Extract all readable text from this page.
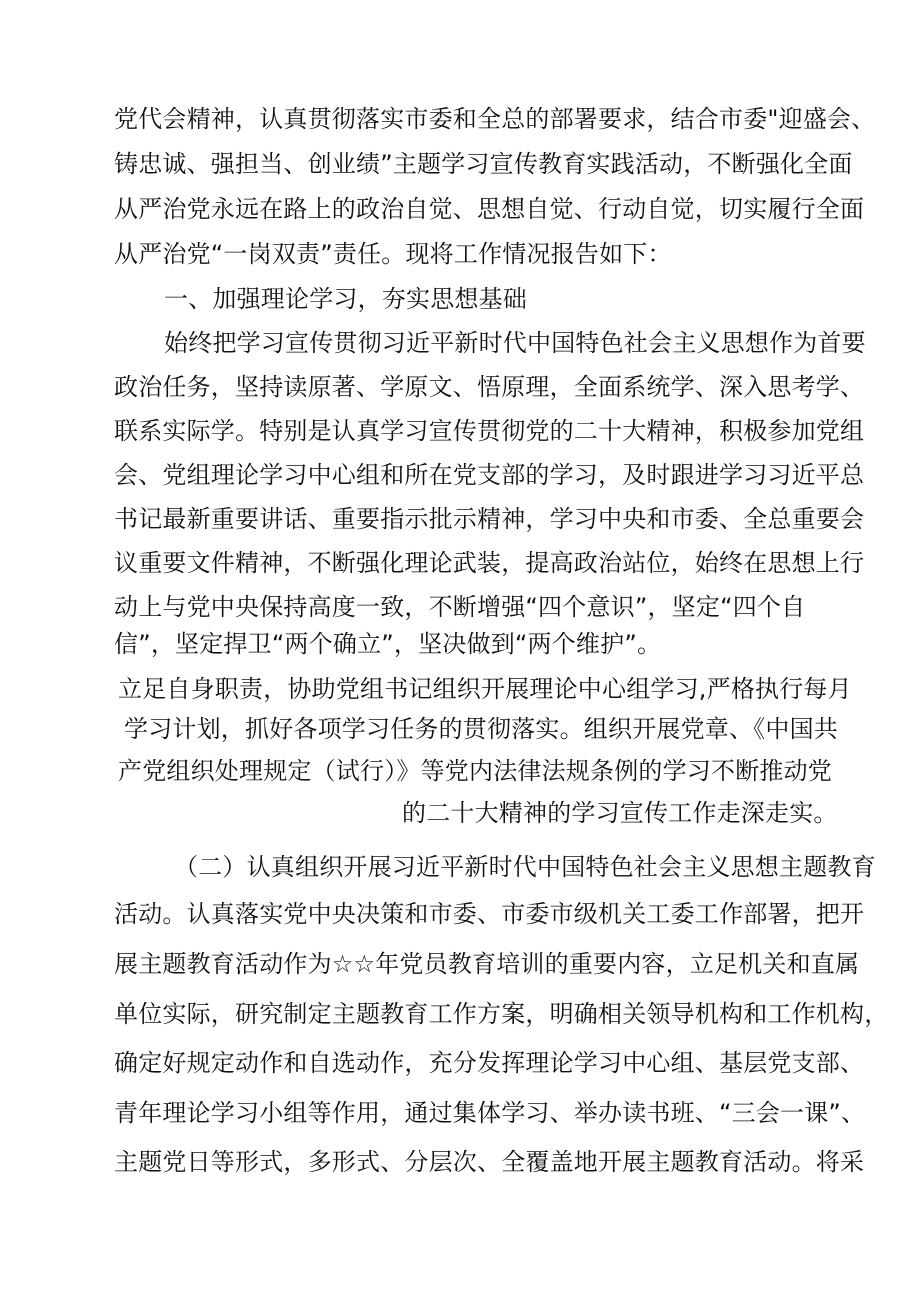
党代会精神，认真贯彻落实市委和全总的部署要求，结合市委"迎盛会、
铸忠诚、强担当、创业绩”主题学习宣传教育实践活动，不断强化全面
从严治党永远在路上的政治自觉、思想自觉、行动自觉，切实履行全面
从严治党“一岗双责”责任。现将工作情况报告如下：
一、加强理论学习，夯实思想基础
始终把学习宣传贯彻习近平新时代中国特色社会主义思想作为首要
政治任务，坚持读原著、学原文、悟原理，全面系统学、深入思考学、
联系实际学。特别是认真学习宣传贯彻党的二十大精神，积极参加党组
会、党组理论学习中心组和所在党支部的学习，及时跟进学习习近平总
书记最新重要讲话、重要指示批示精神，学习中央和市委、全总重要会
议重要文件精神，不断强化理论武装，提高政治站位，始终在思想上行
动上与党中央保持高度一致，不断增强“四个意识”，坚定“四个自
信”，坚定捍卫“两个确立”，坚决做到“两个维护”。
立足自身职责，协助党组书记组织开展理论中心组学习,严格执行每月
学习计划，抓好各项学习任务的贯彻落实。组织开展党章、《中国共
产党组织处理规定（试行）》等党内法律法规条例的学习不断推动党
的二十大精神的学习宣传工作走深走实。
（二）认真组织开展习近平新时代中国特色社会主义思想主题教育
活动。认真落实党中央决策和市委、市委市级机关工委工作部署，把开
展主题教育活动作为☆☆年党员教育培训的重要内容，立足机关和直属
单位实际，研究制定主题教育工作方案，明确相关领导机构和工作机构，
确定好规定动作和自选动作，充分发挥理论学习中心组、基层党支部、
青年理论学习小组等作用，通过集体学习、举办读书班、“三会一课”、
主题党日等形式，多形式、分层次、全覆盖地开展主题教育活动。将采
